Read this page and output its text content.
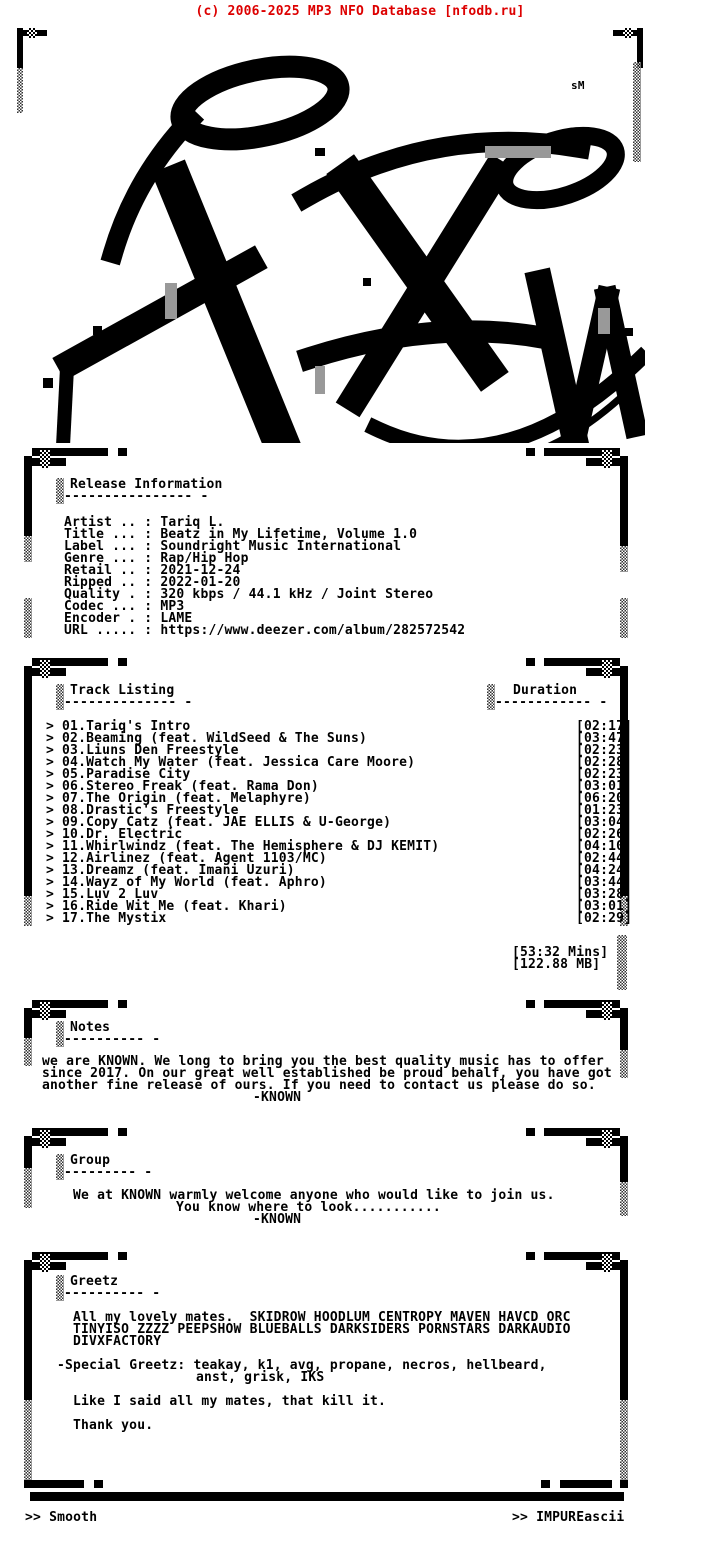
(c) 2006-2025 MP3 NFO Database [nfodb.ru]
sM
Release Information
---------------- -
Artist .. : Tariq L.
Title ... : Beatz in My Lifetime, Volume 1.0
Label ... : Soundright Music International
Genre ... : Rap/Hip Hop
Retail .. : 2021-12-24
Ripped .. : 2022-01-20
Quality . : 320 kbps / 44.1 kHz / Joint Stereo
Codec ... : MP3
Encoder . : LAME
URL ..... : https://www.deezer.com/album/282572542
Track Listing
-------------- -
Duration
------------ -
> 01.Tariq's Intro	[02:17]
> 02.Beaming (feat. WildSeed & The Suns)	[03:47]
> 03.Liuns Den Freestyle	[02:23]
> 04.Watch My Water (feat. Jessica Care Moore)	[02:28]
> 05.Paradise City	[02:23]
> 06.Stereo Freak (feat. Rama Don)	[03:01]
> 07.The Origin (feat. Melaphyre)	[06:20]
> 08.Drastic's Freestyle	[01:23]
> 09.Copy Catz (feat. JAE ELLIS & U-George)	[03:04]
> 10.Dr. Electric	[02:26]
> 11.Whirlwindz (feat. The Hemisphere & DJ KEMIT)	[04:10]
> 12.Airlinez (feat. Agent 1103/MC)	[02:44]
> 13.Dreamz (feat. Imani Uzuri)	[04:24]
> 14.Wayz of My World (feat. Aphro)	[03:44]
> 15.Luv 2 Luv	[03:28]
> 16.Ride Wit Me (feat. Khari)	[03:01]
> 17.The Mystix	[02:29]
[53:32 Mins]
[122.88 MB]
Notes
---------- -
we are KNOWN. We long to bring you the best quality music has to offer
since 2017. On our great well established be proud behalf, you have got
another fine release of ours. If you need to contact us please do so.
-KNOWN
Group
--------- -
We at KNOWN warmly welcome anyone who would like to join us.
You know where to look...........
-KNOWN
Greetz
---------- -
All my lovely mates.  SKIDROW HOODLUM CENTROPY MAVEN HAVCD ORC
TINYISO ZZZZ PEEPSHOW BLUEBALLS DARKSIDERS PORNSTARS DARKAUDIO
DIVXFACTORY
-Special Greetz: teakay, k1, avg, propane, necros, hellbeard,
anst, grisk, IKS
Like I said all my mates, that kill it.
Thank you.
>> Smooth	>> IMPUREascii
